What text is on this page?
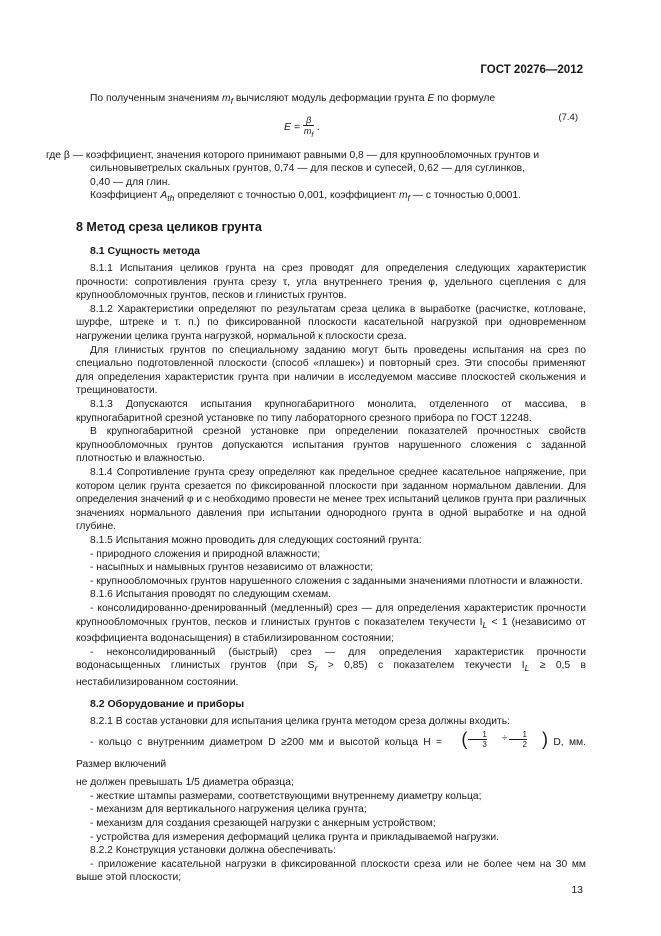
ГОСТ 20276—2012

По полученным значениям $m_f$ вычисляют модуль деформации грунта E по формуле

$E = \frac{\beta}{m_f}$ .
(7.4)

где β — коэффициент, значения которого принимают равными 0,8 — для крупнообломочных грунтов и

сильновыветрелых скальных грунтов, 0,74 — для песков и супесей, 0,62 — для суглинков,

0,40 — для глин.

Коэффициент $A_{th}$ определяют с точностью 0,001, коэффициент $m_f$ — с точностью 0,0001.

8 Метод среза целиков грунта
8.1 Сущность метода

8.1.1 Испытания целиков грунта на срез проводят для определения следующих характеристик прочности: сопротивления грунта срезу τ, угла внутреннего трения φ, удельного сцепления c для крупнообломочных грунтов, песков и глинистых грунтов.

8.1.2 Характеристики определяют по результатам среза целика в выработке (расчистке, котловане, шурфе, штреке и т. п.) по фиксированной плоскости касательной нагрузкой при одновременном нагружении целика грунта нагрузкой, нормальной к плоскости среза.

Для глинистых грунтов по специальному заданию могут быть проведены испытания на срез по специально подготовленной плоскости (способ «плашек») и повторный срез. Эти способы применяют для определения характеристик грунта при наличии в исследуемом массиве плоскостей скольжения и трещиноватости.

8.1.3 Допускаются испытания крупногабаритного монолита, отделенного от массива, в крупногабаритной срезной установке по типу лабораторного срезного прибора по ГОСТ 12248.

В крупногабаритной срезной установке при определении показателей прочностных свойств крупнообломочных грунтов допускаются испытания грунтов нарушенного сложения с заданной плотностью и влажностью.

8.1.4 Сопротивление грунта срезу определяют как предельное среднее касательное напряжение, при котором целик грунта срезается по фиксированной плоскости при заданном нормальном давлении. Для определения значений φ и c необходимо провести не менее трех испытаний целиков грунта при различных значениях нормального давления при испытании однородного грунта в одной выработке и на одной глубине.

8.1.5 Испытания можно проводить для следующих состояний грунта:

- природного сложения и природной влажности;

- насыпных и намывных грунтов независимо от влажности;

- крупнообломочных грунтов нарушенного сложения с заданными значениями плотности и влажности.

8.1.6 Испытания проводят по следующим схемам.

- консолидированно-дренированный (медленный) срез — для определения характеристик прочности крупнообломочных грунтов, песков и глинистых грунтов с показателем текучести $I_L < 1$ (независимо от коэффициента водонасыщения) в стабилизированном состоянии;

- неконсолидированный (быстрый) срез — для определения характеристик прочности водонасыщенных глинистых грунтов (при $S_r > 0,85$) с показателем текучести $I_L \ge 0,5$ в нестабилизированном состоянии.

8.2 Оборудование и приборы

8.2.1 В состав установки для испытания целика грунта методом среза должны входить:

- кольцо с внутренним диаметром D ≥200 мм и высотой кольца H = ( $\frac{1}{3}$	÷ $\frac{1}{2}$ ) D, мм. Размер включений

не должен превышать 1/5 диаметра образца;

- жесткие штампы размерами, соответствующими внутреннему диаметру кольца;

- механизм для вертикального нагружения целика грунта;

- механизм для создания срезающей нагрузки с анкерным устройством;

- устройства для измерения деформаций целика грунта и прикладываемой нагрузки.

8.2.2 Конструкция установки должна обеспечивать:

- приложение касательной нагрузки в фиксированной плоскости среза или не более чем на 30 мм выше этой плоскости;

13
